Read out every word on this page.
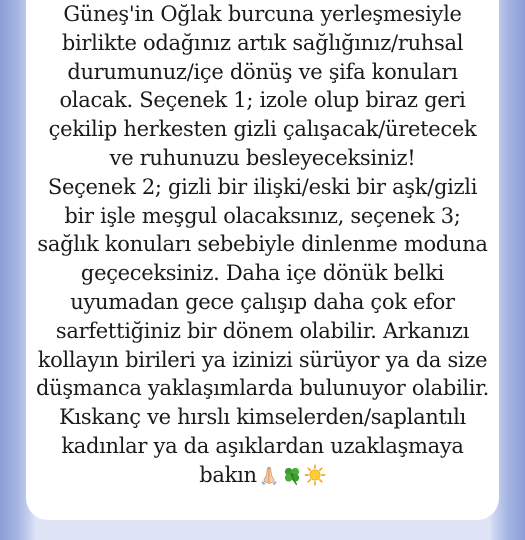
Güneş'in Oğlak burcuna yerleşmesiyle
birlikte odağınız artık sağlığınız/ruhsal
durumunuz/içe dönüş ve şifa konuları
olacak. Seçenek 1; izole olup biraz geri
çekilip herkesten gizli çalışacak/üretecek
ve ruhunuzu besleyeceksiniz!
Seçenek 2; gizli bir ilişki/eski bir aşk/gizli
bir işle meşgul olacaksınız, seçenek 3;
sağlık konuları sebebiyle dinlenme moduna
geçeceksiniz. Daha içe dönük belki
uyumadan gece çalışıp daha çok efor
sarfettiğiniz bir dönem olabilir. Arkanızı
kollayın birileri ya izinizi sürüyor ya da size
düşmanca yaklaşımlarda bulunuyor olabilir.
Kıskanç ve hırslı kimselerden/saplantılı
kadınlar ya da aşıklardan uzaklaşmaya
bakın
